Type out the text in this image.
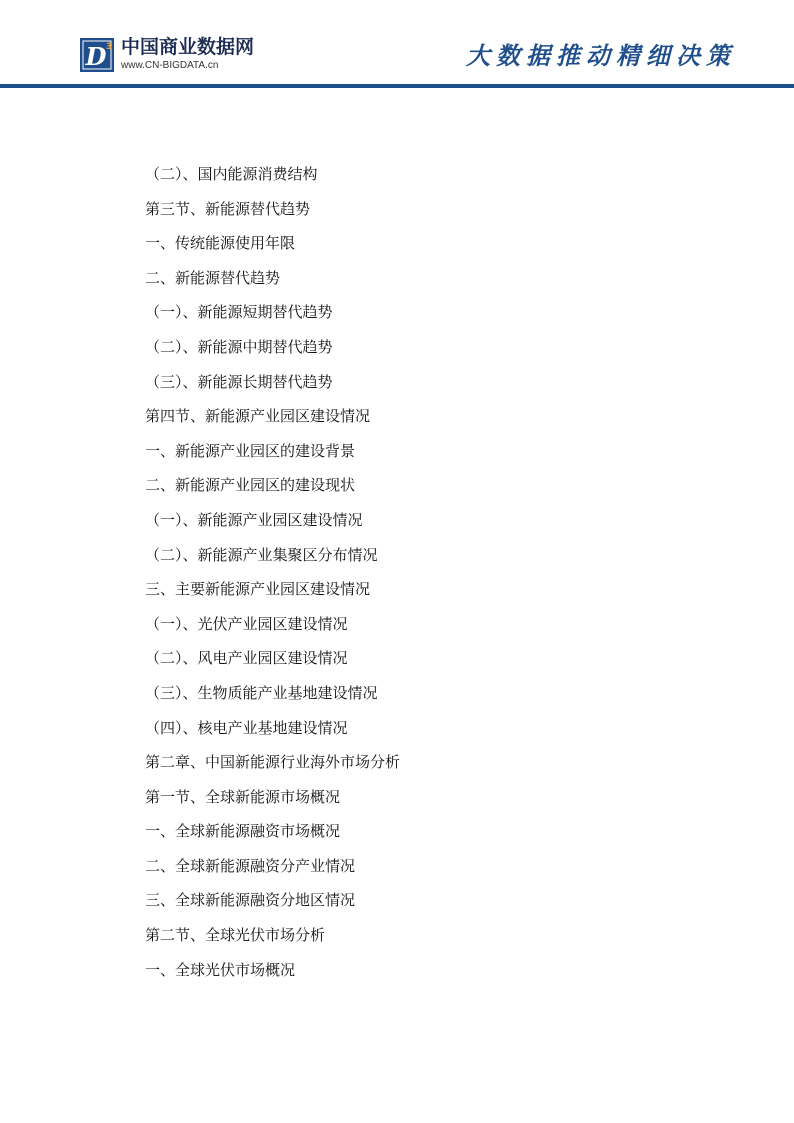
D 3 中国商业数据网
www.CN-BIGDATA.cn	大数据推动精细决策
（二）、国内能源消费结构
第三节、新能源替代趋势
一、传统能源使用年限
二、新能源替代趋势
（一）、新能源短期替代趋势
（二）、新能源中期替代趋势
（三）、新能源长期替代趋势
第四节、新能源产业园区建设情况
一、新能源产业园区的建设背景
二、新能源产业园区的建设现状
（一）、新能源产业园区建设情况
（二）、新能源产业集聚区分布情况
三、主要新能源产业园区建设情况
（一）、光伏产业园区建设情况
（二）、风电产业园区建设情况
（三）、生物质能产业基地建设情况
（四）、核电产业基地建设情况
第二章、中国新能源行业海外市场分析
第一节、全球新能源市场概况
一、全球新能源融资市场概况
二、全球新能源融资分产业情况
三、全球新能源融资分地区情况
第二节、全球光伏市场分析
一、全球光伏市场概况
